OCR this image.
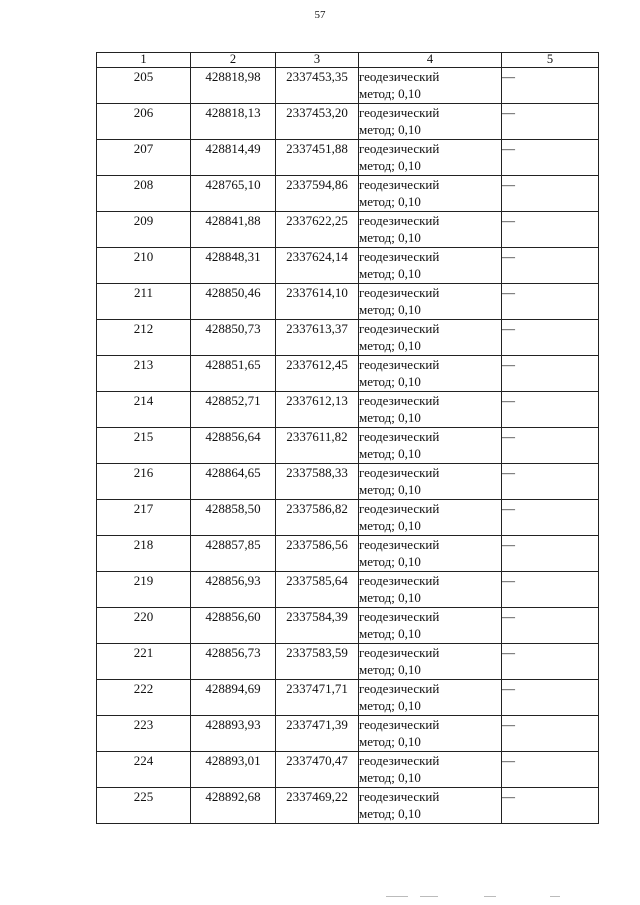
57
1	2	3	4	5
205	428818,98	2337453,35	геодезический
метод; 0,10	—
206	428818,13	2337453,20	геодезический
метод; 0,10	—
207	428814,49	2337451,88	геодезический
метод; 0,10	—
208	428765,10	2337594,86	геодезический
метод; 0,10	—
209	428841,88	2337622,25	геодезический
метод; 0,10	—
210	428848,31	2337624,14	геодезический
метод; 0,10	—
211	428850,46	2337614,10	геодезический
метод; 0,10	—
212	428850,73	2337613,37	геодезический
метод; 0,10	—
213	428851,65	2337612,45	геодезический
метод; 0,10	—
214	428852,71	2337612,13	геодезический
метод; 0,10	—
215	428856,64	2337611,82	геодезический
метод; 0,10	—
216	428864,65	2337588,33	геодезический
метод; 0,10	—
217	428858,50	2337586,82	геодезический
метод; 0,10	—
218	428857,85	2337586,56	геодезический
метод; 0,10	—
219	428856,93	2337585,64	геодезический
метод; 0,10	—
220	428856,60	2337584,39	геодезический
метод; 0,10	—
221	428856,73	2337583,59	геодезический
метод; 0,10	—
222	428894,69	2337471,71	геодезический
метод; 0,10	—
223	428893,93	2337471,39	геодезический
метод; 0,10	—
224	428893,01	2337470,47	геодезический
метод; 0,10	—
225	428892,68	2337469,22	геодезический
метод; 0,10	—
